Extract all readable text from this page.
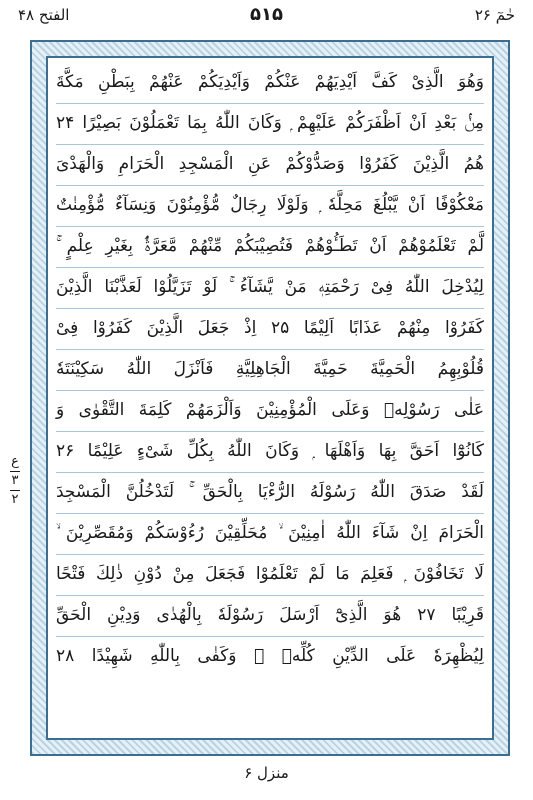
حٰمٓ ۲۶
۵۱۵
الفتح ۴۸
ع
۳
۲
وَهُوَ الَّذِیْ كَفَّ اَیْدِیَهُمْ عَنْكُمْ وَاَیْدِیَكُمْ عَنْهُمْ بِبَطْنِ مَكَّةَ
مِنْۢ بَعْدِ اَنْ اَظْفَرَكُمْ عَلَیْهِمْ ۭ وَكَانَ اللّٰهُ بِمَا تَعْمَلُوْنَ بَصِیْرًا ۲۴
هُمُ الَّذِیْنَ كَفَرُوْا وَصَدُّوْكُمْ عَنِ الْمَسْجِدِ الْحَرَامِ وَالْهَدْیَ
مَعْكُوْفًا اَنْ یَّبْلُغَ مَحِلَّهٗ ۭ وَلَوْلَا رِجَالٌ مُّؤْمِنُوْنَ وَنِسَآءٌ مُّؤْمِنٰتٌ
لَّمْ تَعْلَمُوْهُمْ اَنْ تَطَـُٔوْهُمْ فَتُصِیْبَكُمْ مِّنْهُمْ مَّعَرَّةٌۢ بِغَیْرِ عِلْمٍ ۚ
لِیُدْخِلَ اللّٰهُ فِیْ رَحْمَتِهٖ مَنْ یَّشَآءُ ۚ لَوْ تَزَیَّلُوْا لَعَذَّبْنَا الَّذِیْنَ
كَفَرُوْا مِنْهُمْ عَذَابًا اَلِیْمًا ۲۵ اِذْ جَعَلَ الَّذِیْنَ كَفَرُوْا فِیْ
قُلُوْبِهِمُ الْحَمِیَّةَ حَمِیَّةَ الْجَاهِلِیَّةِ فَاَنْزَلَ اللّٰهُ سَكِیْنَتَهٗ
عَلٰی رَسُوْلِهٖ وَعَلَی الْمُؤْمِنِیْنَ وَاَلْزَمَهُمْ كَلِمَةَ التَّقْوٰی وَ
كَانُوْٓا اَحَقَّ بِهَا وَاَهْلَهَا ۭ وَكَانَ اللّٰهُ بِكُلِّ شَیْءٍ عَلِیْمًا ۲۶
لَقَدْ صَدَقَ اللّٰهُ رَسُوْلَهُ الرُّءْیَا بِالْحَقِّ ۚ لَتَدْخُلُنَّ الْمَسْجِدَ
الْحَرَامَ اِنْ شَآءَ اللّٰهُ اٰمِنِیْنَ ۙ مُحَلِّقِیْنَ رُءُوْسَكُمْ وَمُقَصِّرِیْنَ ۙ
لَا تَخَافُوْنَ ۭ فَعَلِمَ مَا لَمْ تَعْلَمُوْا فَجَعَلَ مِنْ دُوْنِ ذٰلِكَ فَتْحًا
قَرِیْبًا ۲۷ هُوَ الَّذِیْٓ اَرْسَلَ رَسُوْلَهٗ بِالْهُدٰی وَدِیْنِ الْحَقِّ
لِیُظْهِرَهٗ عَلَی الدِّیْنِ كُلِّهٖ ۭ وَكَفٰی بِاللّٰهِ شَهِیْدًا ۲۸
منزل ۶
